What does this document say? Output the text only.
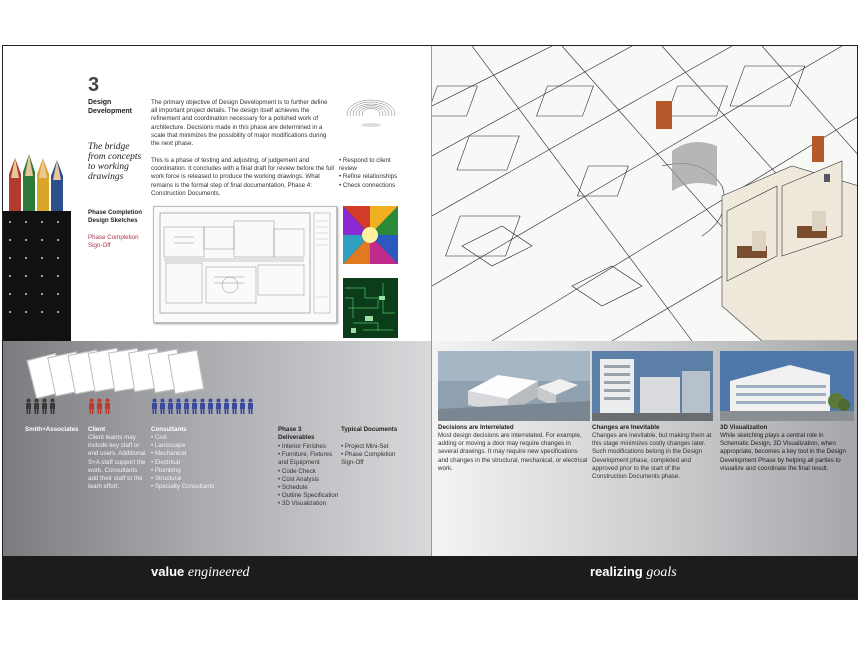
3
Design Development
The bridge from concepts to working drawings
The primary objective of Design Development is to further define all important project details. The design itself achieves the refinement and coordination necessary for a polished work of architecture. Decisions made in this phase are determined in a scale that minimizes the possibility of major modifications during the next phase.
This is a phase of testing and adjusting, of judgement and coordination. It concludes with a final draft for review before the full work force is released to produce the working drawings. What remains is the formal step of final documentation, Phase 4: Construction Documents.
• Respond to client review
• Refine relationships
• Check connections
Phase Completion Design Sketches
Phase Completion Sign-Off
Smith+Associates Client
Client teams may include key staff or end users. Additional S+A staff support the work. Consultants add their staff to the team effort.
Consultants
• Civil
• Landscape
• Mechanical
• Electrical
• Plumbing
• Structural
• Specialty Consultants
Phase 3 Deliverables
• Interior Finishes
• Furniture, Fixtures and Equipment
• Code Check
• Cost Analysis
• Schedule
• Outline Specification
• 3D Visualization
Typical Documents
• Project Mini-Set
• Phase Completion Sign-Off
Decisions are Interrelated
Most design decisions are interrelated. For example, adding or moving a door may require changes in several drawings. It may require new specifications and changes in the structural, mechanical, or electrical work.
Changes are Inevitable
Changes are inevitable, but making them at this stage minimizes costly changes later. Such modifications belong in the Design Development phase, completed and approved prior to the start of the Construction Documents phase.
3D Visualization
While sketching plays a central role in Schematic Design, 3D Visualization, when appropriate, becomes a key tool in the Design Development Phase by helping all parties to visualize and coordinate the final result.
value engineered	realizing goals
